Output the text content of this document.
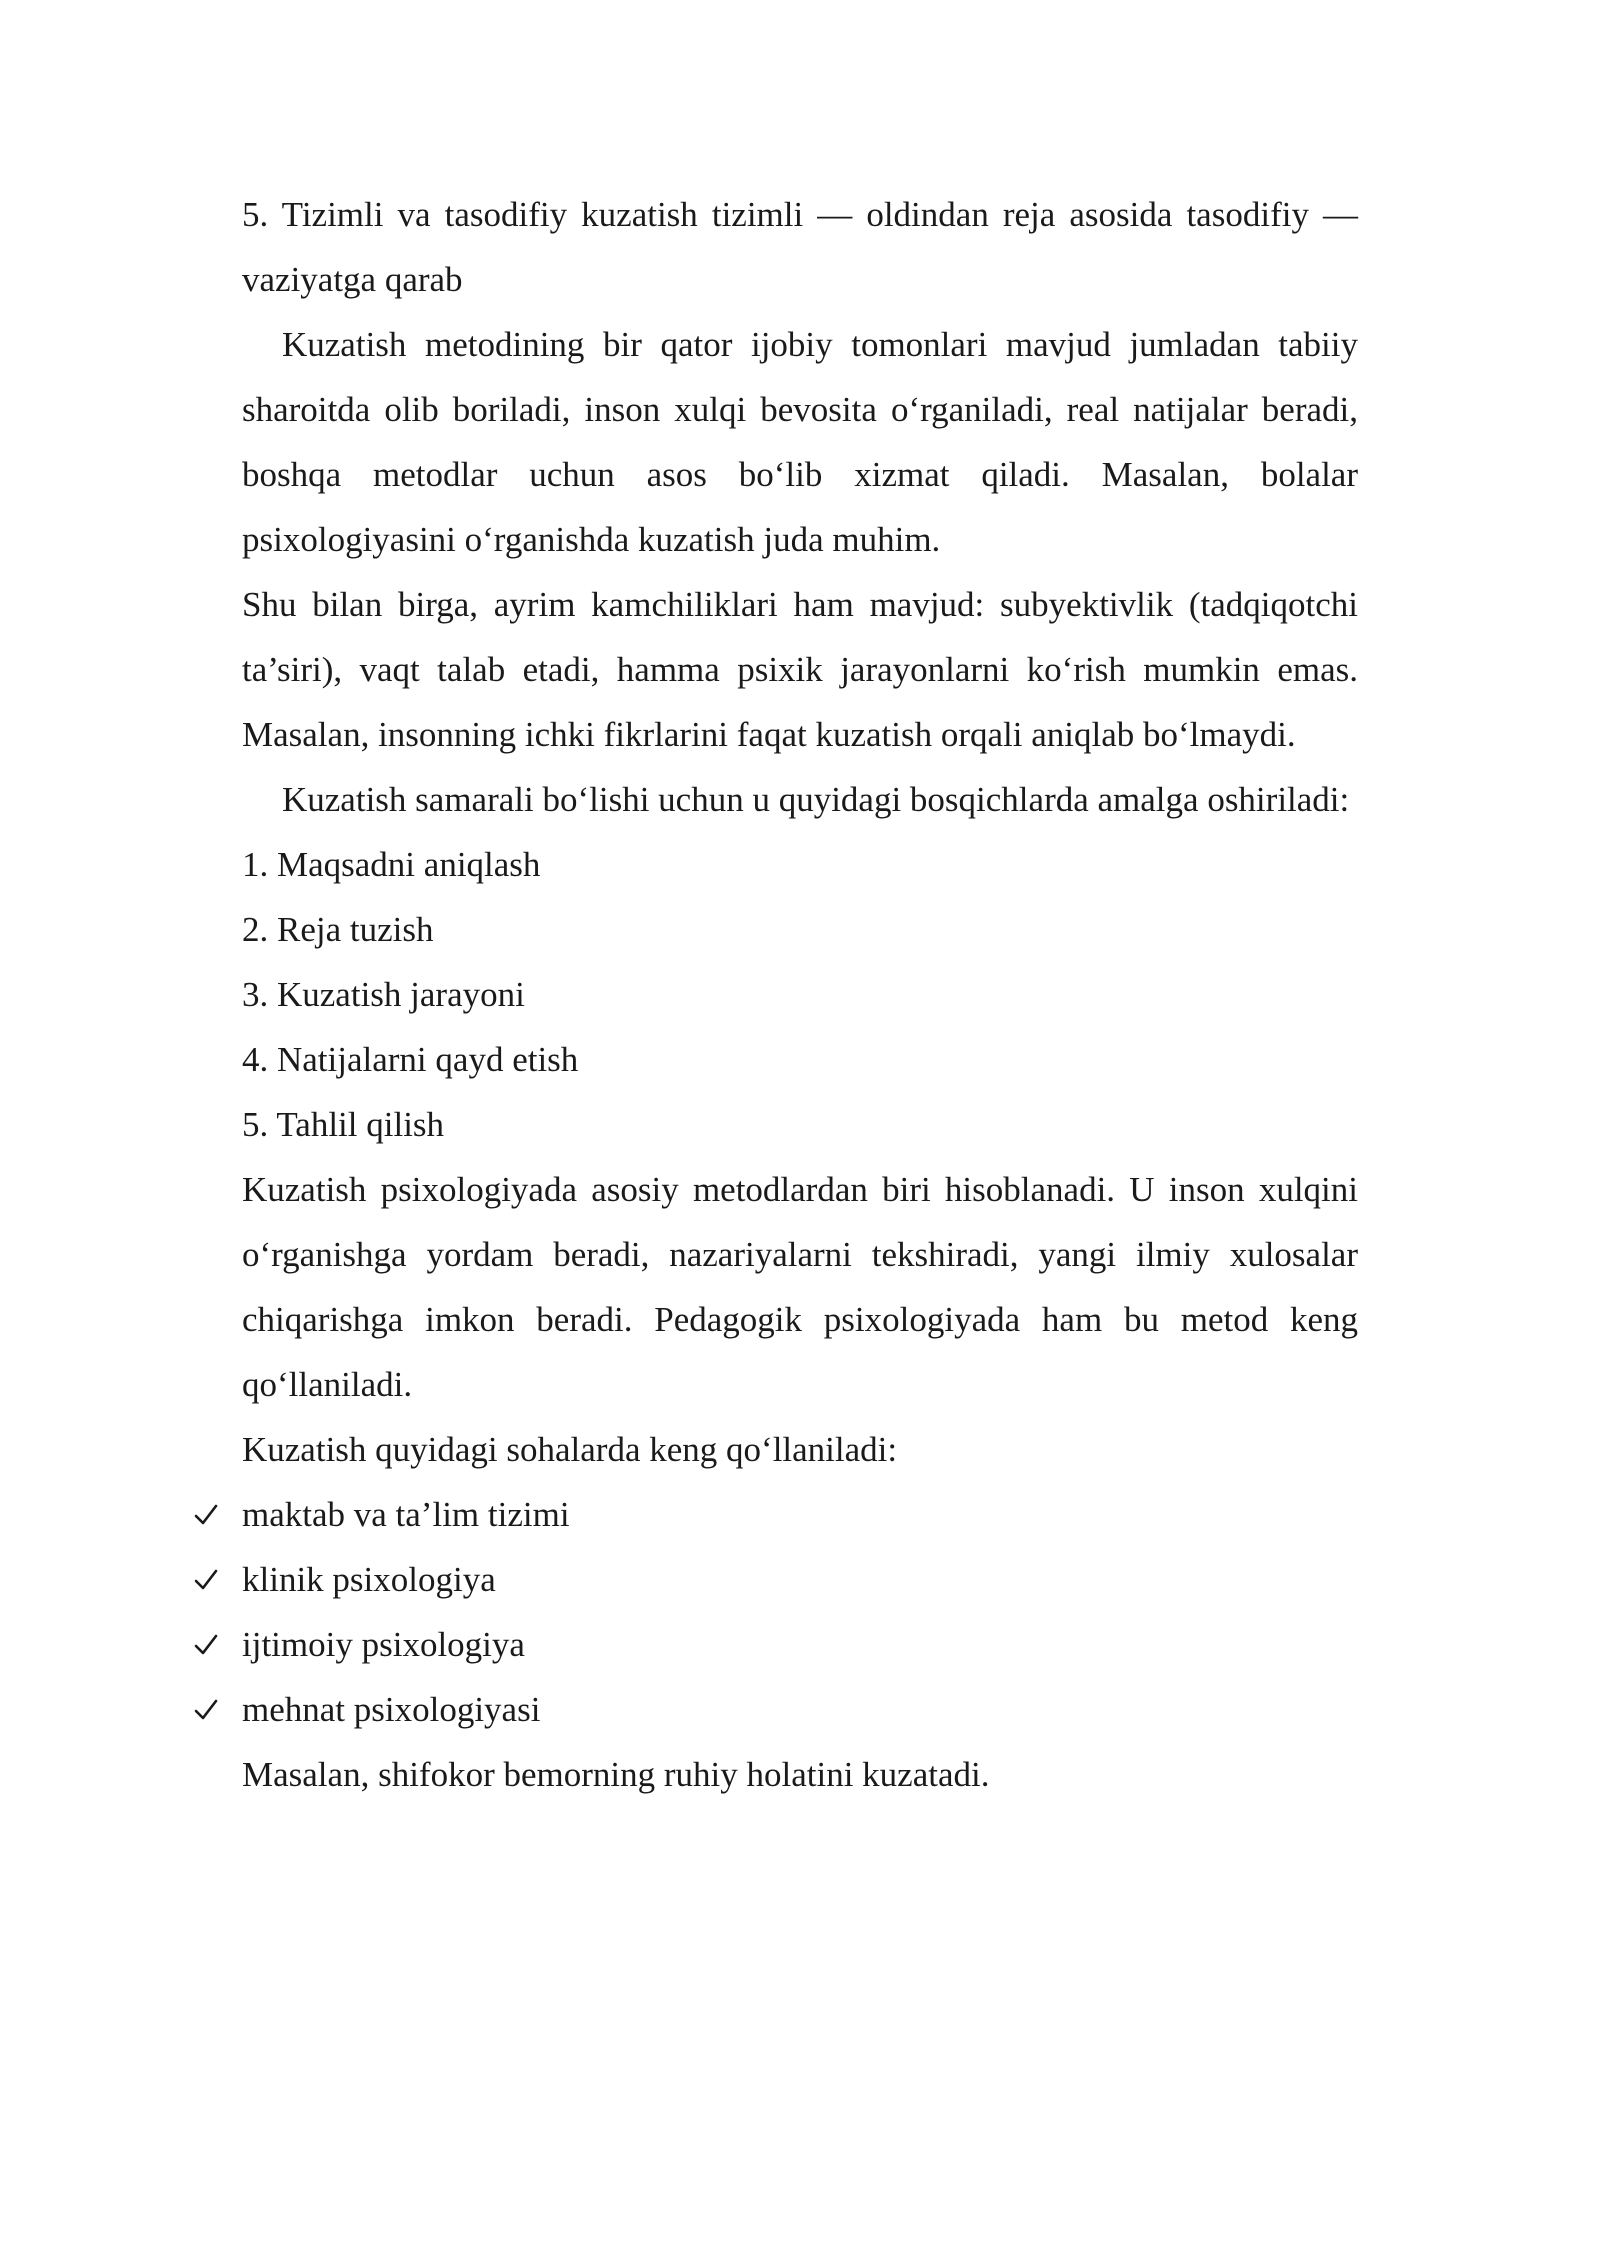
5. Tizimli va tasodifiy kuzatish tizimli — oldindan reja asosida tasodifiy — vaziyatga qarab

Kuzatish metodining bir qator ijobiy tomonlari mavjud jumladan tabiiy sharoitda olib boriladi, inson xulqi bevosita o‘rganiladi, real natijalar beradi, boshqa metodlar uchun asos bo‘lib xizmat qiladi. Masalan, bolalar psixologiyasini o‘rganishda kuzatish juda muhim.

Shu bilan birga, ayrim kamchiliklari ham mavjud: subyektivlik (tadqiqotchi ta’siri), vaqt talab etadi, hamma psixik jarayonlarni ko‘rish mumkin emas. Masalan, insonning ichki fikrlarini faqat kuzatish orqali aniqlab bo‘lmaydi.

Kuzatish samarali bo‘lishi uchun u quyidagi bosqichlarda amalga oshiriladi:

1. Maqsadni aniqlash

2. Reja tuzish

3. Kuzatish jarayoni

4. Natijalarni qayd etish

5. Tahlil qilish

Kuzatish psixologiyada asosiy metodlardan biri hisoblanadi. U inson xulqini o‘rganishga yordam beradi, nazariyalarni tekshiradi, yangi ilmiy xulosalar chiqarishga imkon beradi. Pedagogik psixologiyada ham bu metod keng qo‘llaniladi.

Kuzatish quyidagi sohalarda keng qo‘llaniladi:

maktab va ta’lim tizimi
klinik psixologiya
ijtimoiy psixologiya
mehnat psixologiyasi

Masalan, shifokor bemorning ruhiy holatini kuzatadi.
